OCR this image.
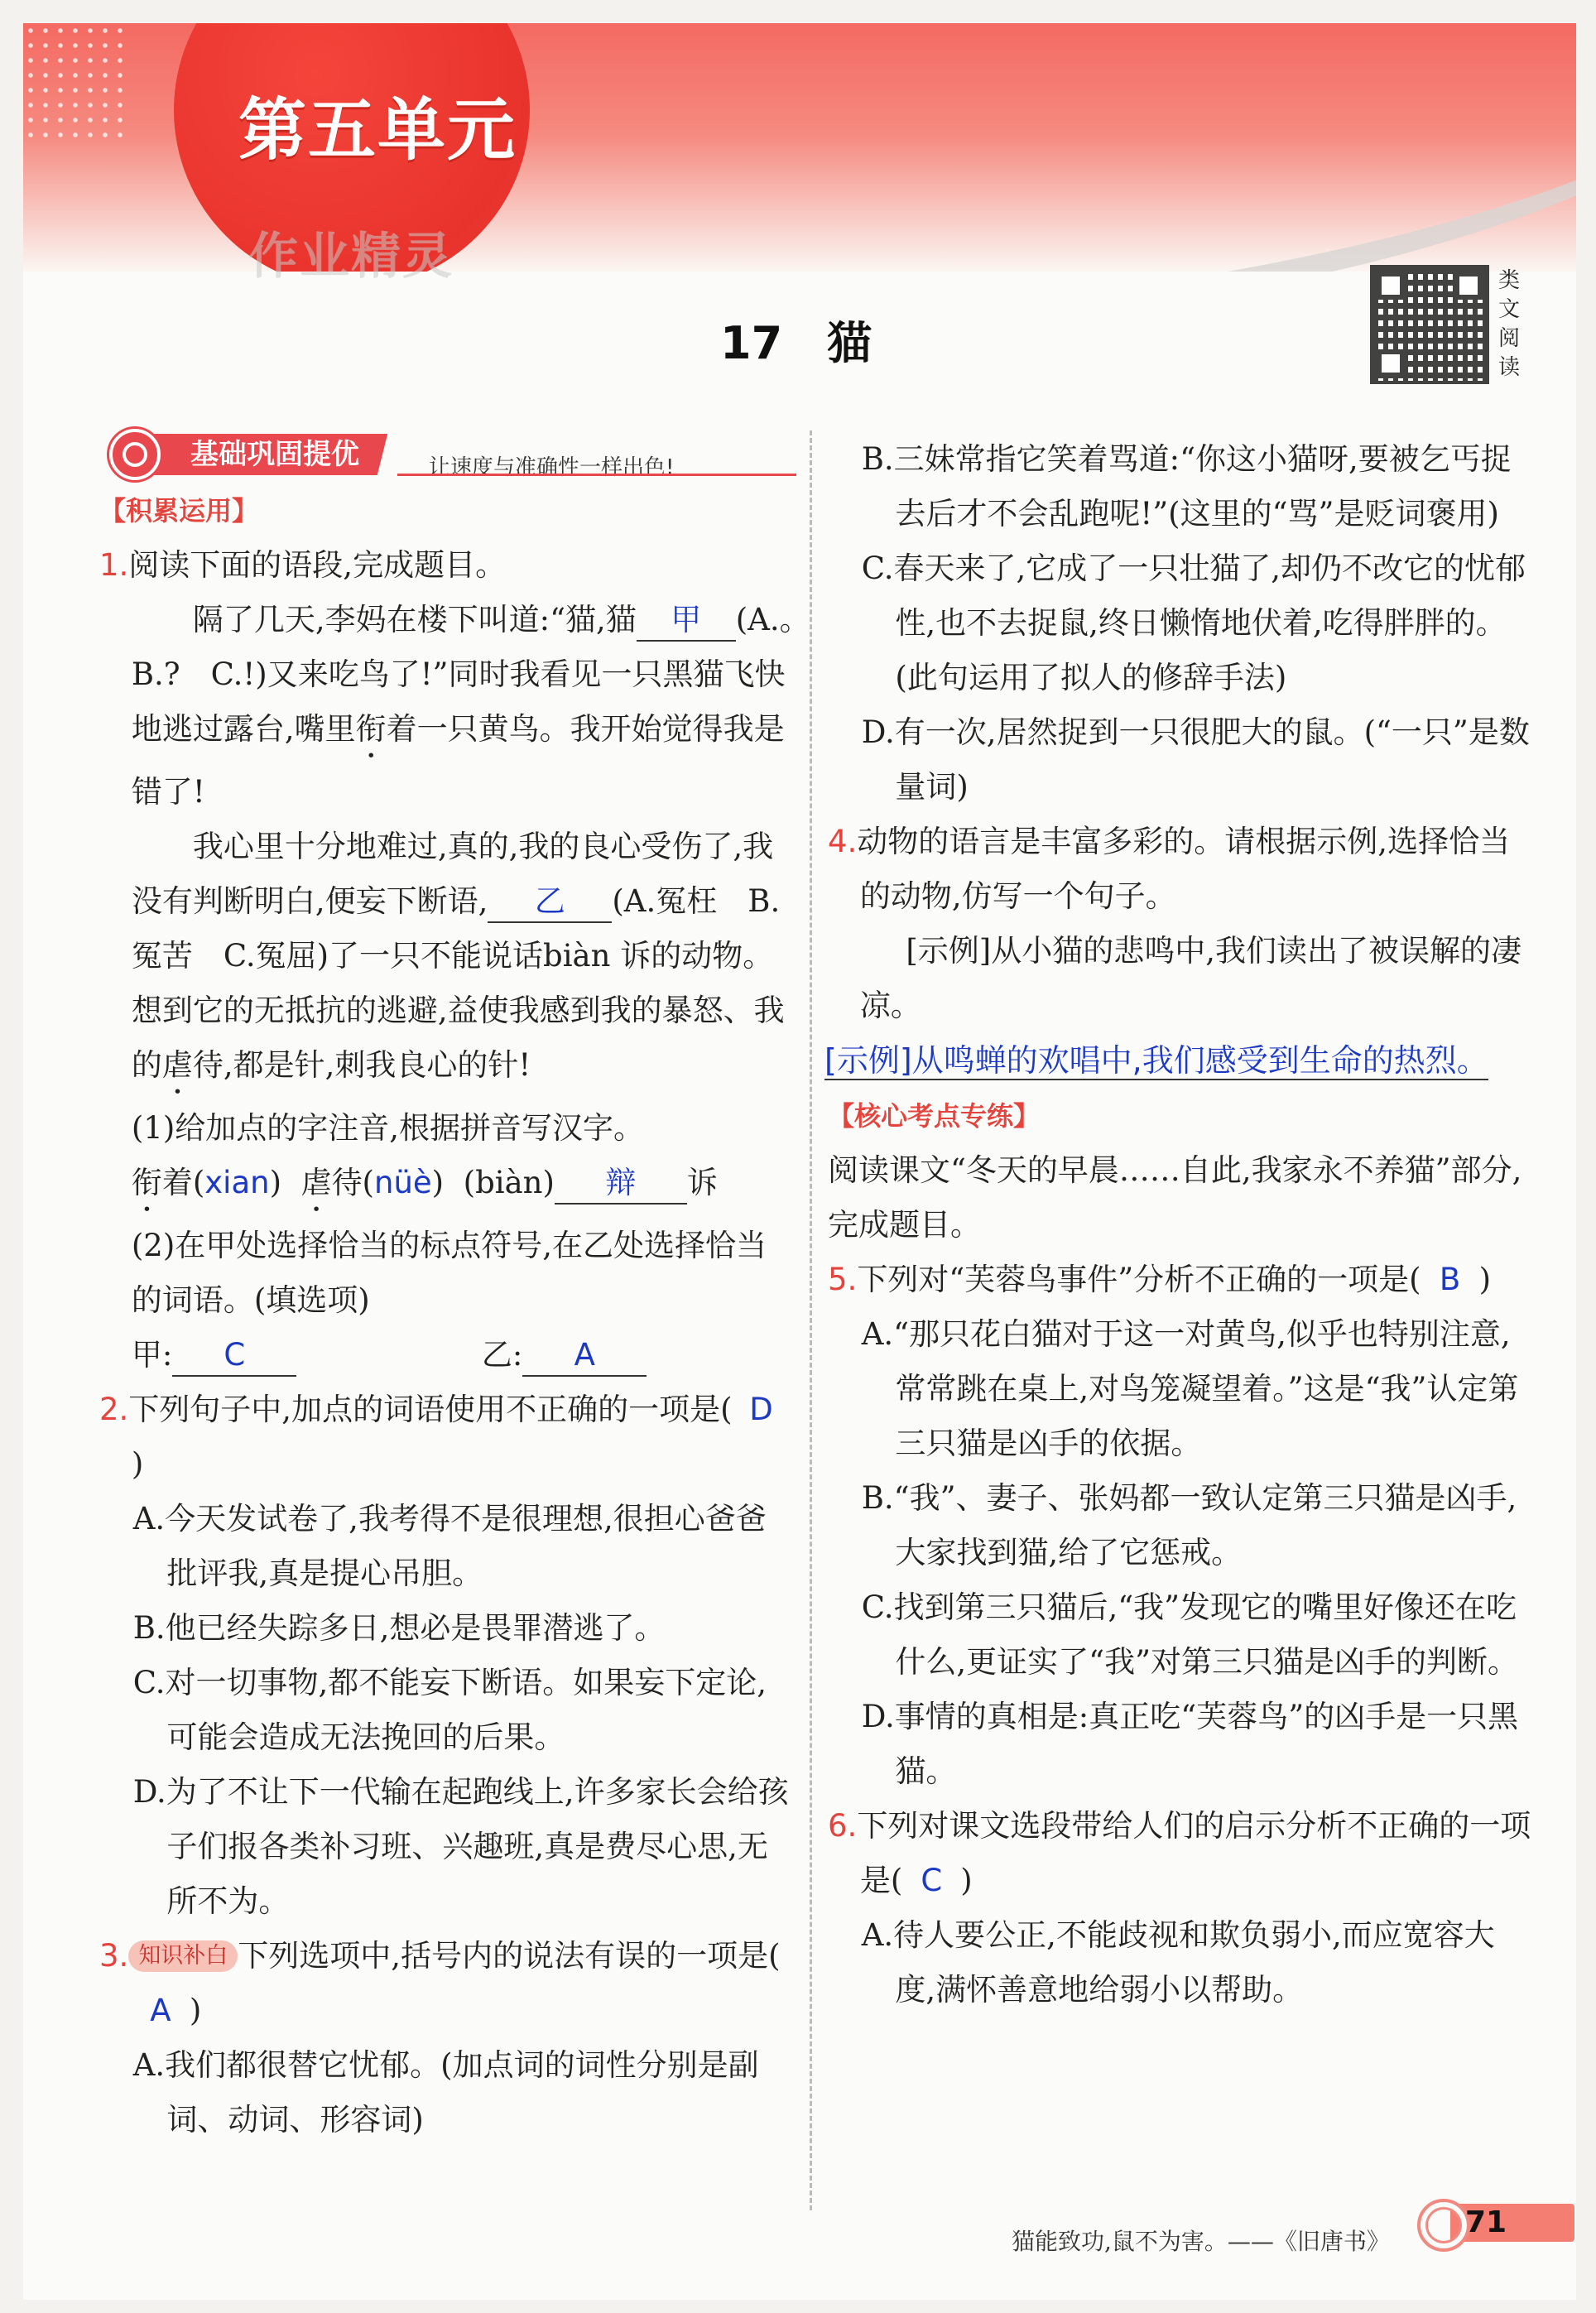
第五单元
作业精灵
17　猫
类文阅读
基础巩固提优	让速度与准确性一样出色!

【积累运用】

1.阅读下面的语段,完成题目。

隔了几天,李妈在楼下叫道:“猫,猫 甲 (A.。　B.?　C.!)又来吃鸟了!”同时我看见一只黑猫飞快地逃过露台,嘴里衔着一只黄鸟。我开始觉得我是错了!

我心里十分地难过,真的,我的良心受伤了,我没有判断明白,便妄下断语, 乙 (A.冤枉　B.冤苦　C.冤屈)了一只不能说话biàn 诉的动物。想到它的无抵抗的逃避,益使我感到我的暴怒、我的虐待,都是针,刺我良心的针!

(1)给加点的字注音,根据拼音写汉字。

衔着(xian)  虐待(nüè)  (biàn) 辩 诉

(2)在甲处选择恰当的标点符号,在乙处选择恰当的词语。(填选项)

甲: C	乙: A

2.下列句子中,加点的词语使用不正确的一项是( D)

A.今天发试卷了,我考得不是很理想,很担心爸爸批评我,真是提心吊胆。

B.他已经失踪多日,想必是畏罪潜逃了。

C.对一切事物,都不能妄下断语。如果妄下定论,可能会造成无法挽回的后果。

D.为了不让下一代输在起跑线上,许多家长会给孩子们报各类补习班、兴趣班,真是费尽心思,无所不为。

3. 知识补白 下列选项中,括号内的说法有误的一项是(A )

A.我们都很替它忧郁。(加点词的词性分别是副词、动词、形容词)

B.三妹常指它笑着骂道:“你这小猫呀,要被乞丐捉去后才不会乱跑呢!”(这里的“骂”是贬词褒用)

C.春天来了,它成了一只壮猫了,却仍不改它的忧郁性,也不去捉鼠,终日懒惰地伏着,吃得胖胖的。(此句运用了拟人的修辞手法)

D.有一次,居然捉到一只很肥大的鼠。(“一只”是数量词)

4.动物的语言是丰富多彩的。请根据示例,选择恰当的动物,仿写一个句子。

[示例]从小猫的悲鸣中,我们读出了被误解的凄凉。

[示例]从鸣蝉的欢唱中,我们感受到生命的热烈。

【核心考点专练】

阅读课文“冬天的早晨……自此,我家永不养猫”部分,完成题目。

5.下列对“芙蓉鸟事件”分析不正确的一项是( B )

A.“那只花白猫对于这一对黄鸟,似乎也特别注意,常常跳在桌上,对鸟笼凝望着。”这是“我”认定第三只猫是凶手的依据。

B.“我”、妻子、张妈都一致认定第三只猫是凶手,大家找到猫,给了它惩戒。

C.找到第三只猫后,“我”发现它的嘴里好像还在吃什么,更证实了“我”对第三只猫是凶手的判断。

D.事情的真相是:真正吃“芙蓉鸟”的凶手是一只黑猫。

6.下列对课文选段带给人们的启示分析不正确的一项是( C )

A.待人要公正,不能歧视和欺负弱小,而应宽容大度,满怀善意地给弱小以帮助。

猫能致功,鼠不为害。——《旧唐书》
71
